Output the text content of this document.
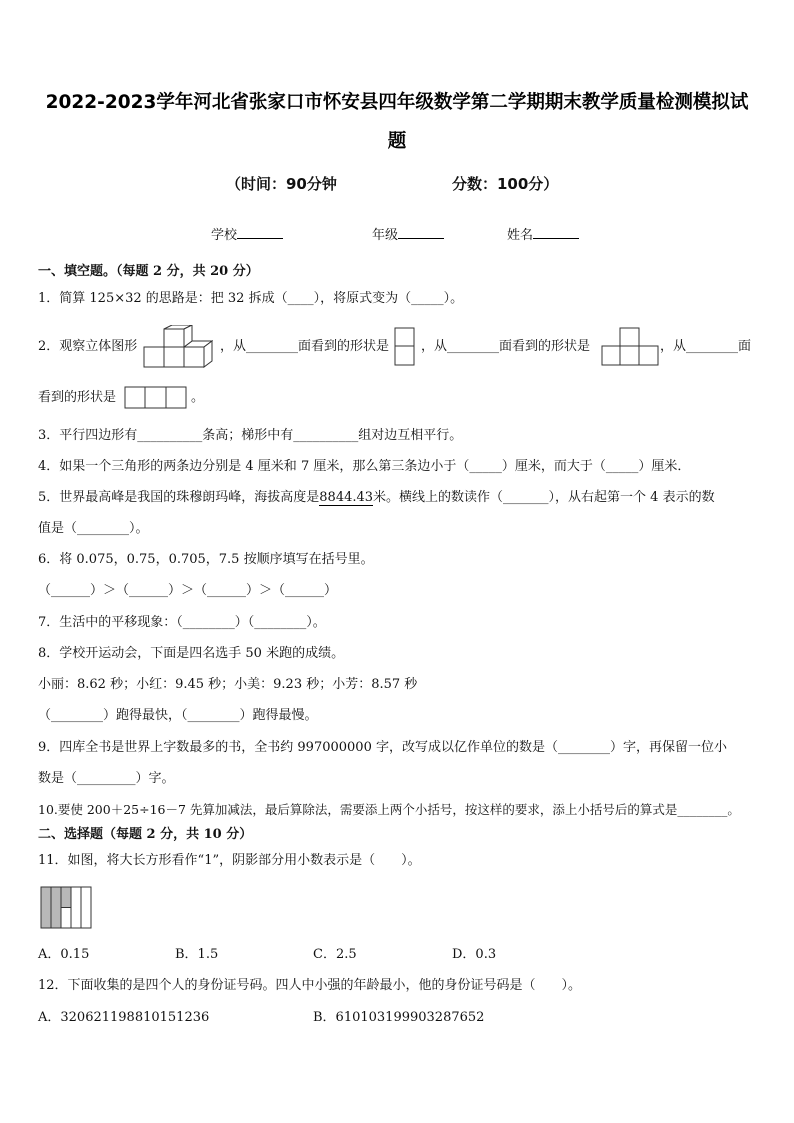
2022-2023学年河北省张家口市怀安县四年级数学第二学期期末教学质量检测模拟试
题
（时间：90分钟	分数：100分）
学校	年级	姓名
一、填空题。（每题 2 分，共 20 分）
1．简算 125×32 的思路是：把 32 拆成（____），将原式变为（_____）。
2．观察立体图形	，从________面看到的形状是 ，从________面看到的形状是	，从________面
看到的形状是	。
3．平行四边形有__________条高；梯形中有__________组对边互相平行。
4．如果一个三角形的两条边分别是 4 厘米和 7 厘米，那么第三条边小于（_____）厘米，而大于（_____）厘米．
5．世界最高峰是我国的珠穆朗玛峰，海拔高度是8844.43米。横线上的数读作（_______），从右起第一个 4 表示的数
值是（________）。
6．将 0.075，0.75，0.705，7.5 按顺序填写在括号里。
（______）＞（______）＞（______）＞（______）
7．生活中的平移现象：（________）（________）。
8．学校开运动会，下面是四名选手 50 米跑的成绩。
小丽：8.62 秒；小红：9.45 秒；小美：9.23 秒；小芳：8.57 秒
（________）跑得最快，（________）跑得最慢。
9．四库全书是世界上字数最多的书，全书约 997000000 字，改写成以亿作单位的数是（________）字，再保留一位小
数是（_________）字。
10.要使 200＋25÷16－7 先算加减法，最后算除法，需要添上两个小括号，按这样的要求，添上小括号后的算式是________。
二、选择题（每题 2 分，共 10 分）
11．如图，将大长方形看作“1”，阴影部分用小数表示是（　　）。
A．0.15	B．1.5	C．2.5	D．0.3
12．下面收集的是四个人的身份证号码。四人中小强的年龄最小，他的身份证号码是（　　）。
A．320621198810151236	B．610103199903287652
